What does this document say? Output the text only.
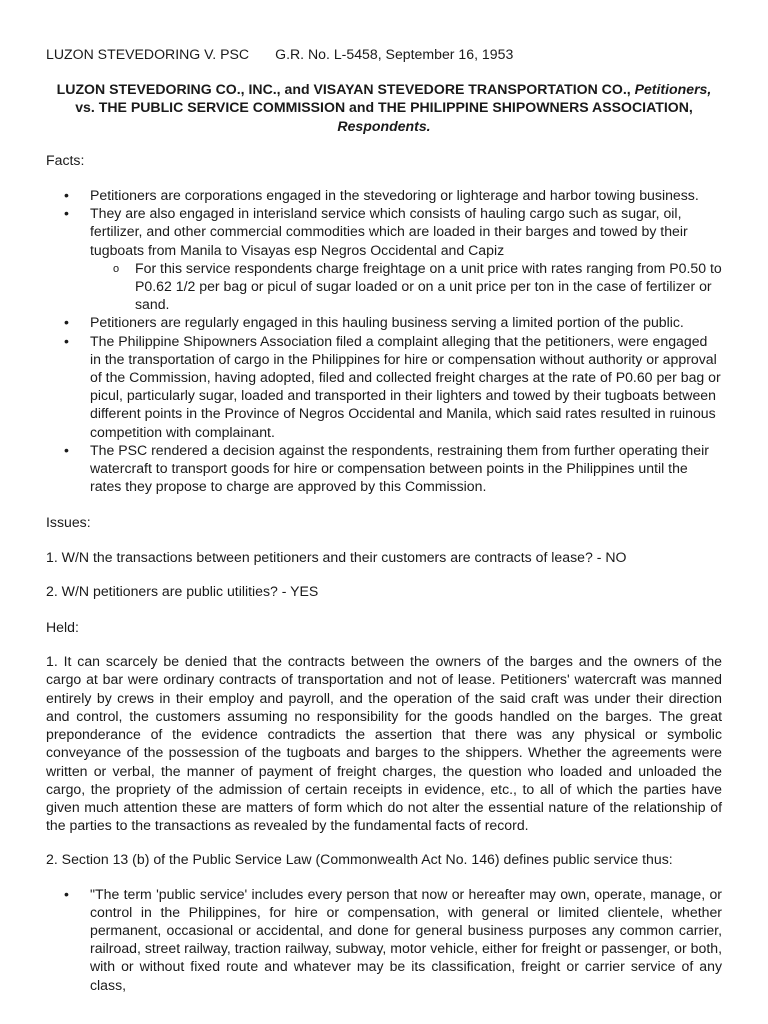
LUZON STEVEDORING V. PSC G.R. No. L-5458, September 16, 1953

LUZON STEVEDORING CO., INC., and VISAYAN STEVEDORE TRANSPORTATION CO., Petitioners, vs. THE PUBLIC SERVICE COMMISSION and THE PHILIPPINE SHIPOWNERS ASSOCIATION, Respondents.

Facts:

• Petitioners are corporations engaged in the stevedoring or lighterage and harbor towing business.
• They are also engaged in interisland service which consists of hauling cargo such as sugar, oil, fertilizer, and other commercial commodities which are loaded in their barges and towed by their tugboats from Manila to Visayas esp Negros Occidental and Capiz
o For this service respondents charge freightage on a unit price with rates ranging from P0.50 to P0.62 1/2 per bag or picul of sugar loaded or on a unit price per ton in the case of fertilizer or sand.
• Petitioners are regularly engaged in this hauling business serving a limited portion of the public.
• The Philippine Shipowners Association filed a complaint alleging that the petitioners, were engaged in the transportation of cargo in the Philippines for hire or compensation without authority or approval of the Commission, having adopted, filed and collected freight charges at the rate of P0.60 per bag or picul, particularly sugar, loaded and transported in their lighters and towed by their tugboats between different points in the Province of Negros Occidental and Manila, which said rates resulted in ruinous competition with complainant.
• The PSC rendered a decision against the respondents, restraining them from further operating their watercraft to transport goods for hire or compensation between points in the Philippines until the rates they propose to charge are approved by this Commission.

Issues:

1. W/N the transactions between petitioners and their customers are contracts of lease? - NO

2. W/N petitioners are public utilities? - YES

Held:

1. It can scarcely be denied that the contracts between the owners of the barges and the owners of the cargo at bar were ordinary contracts of transportation and not of lease. Petitioners' watercraft was manned entirely by crews in their employ and payroll, and the operation of the said craft was under their direction and control, the customers assuming no responsibility for the goods handled on the barges. The great preponderance of the evidence contradicts the assertion that there was any physical or symbolic conveyance of the possession of the tugboats and barges to the shippers. Whether the agreements were written or verbal, the manner of payment of freight charges, the question who loaded and unloaded the cargo, the propriety of the admission of certain receipts in evidence, etc., to all of which the parties have given much attention these are matters of form which do not alter the essential nature of the relationship of the parties to the transactions as revealed by the fundamental facts of record.

2. Section 13 (b) of the Public Service Law (Commonwealth Act No. 146) defines public service thus:

• "The term 'public service' includes every person that now or hereafter may own, operate, manage, or control in the Philippines, for hire or compensation, with general or limited clientele, whether permanent, occasional or accidental, and done for general business purposes any common carrier, railroad, street railway, traction railway, subway, motor vehicle, either for freight or passenger, or both, with or without fixed route and whatever may be its classification, freight or carrier service of any class,
